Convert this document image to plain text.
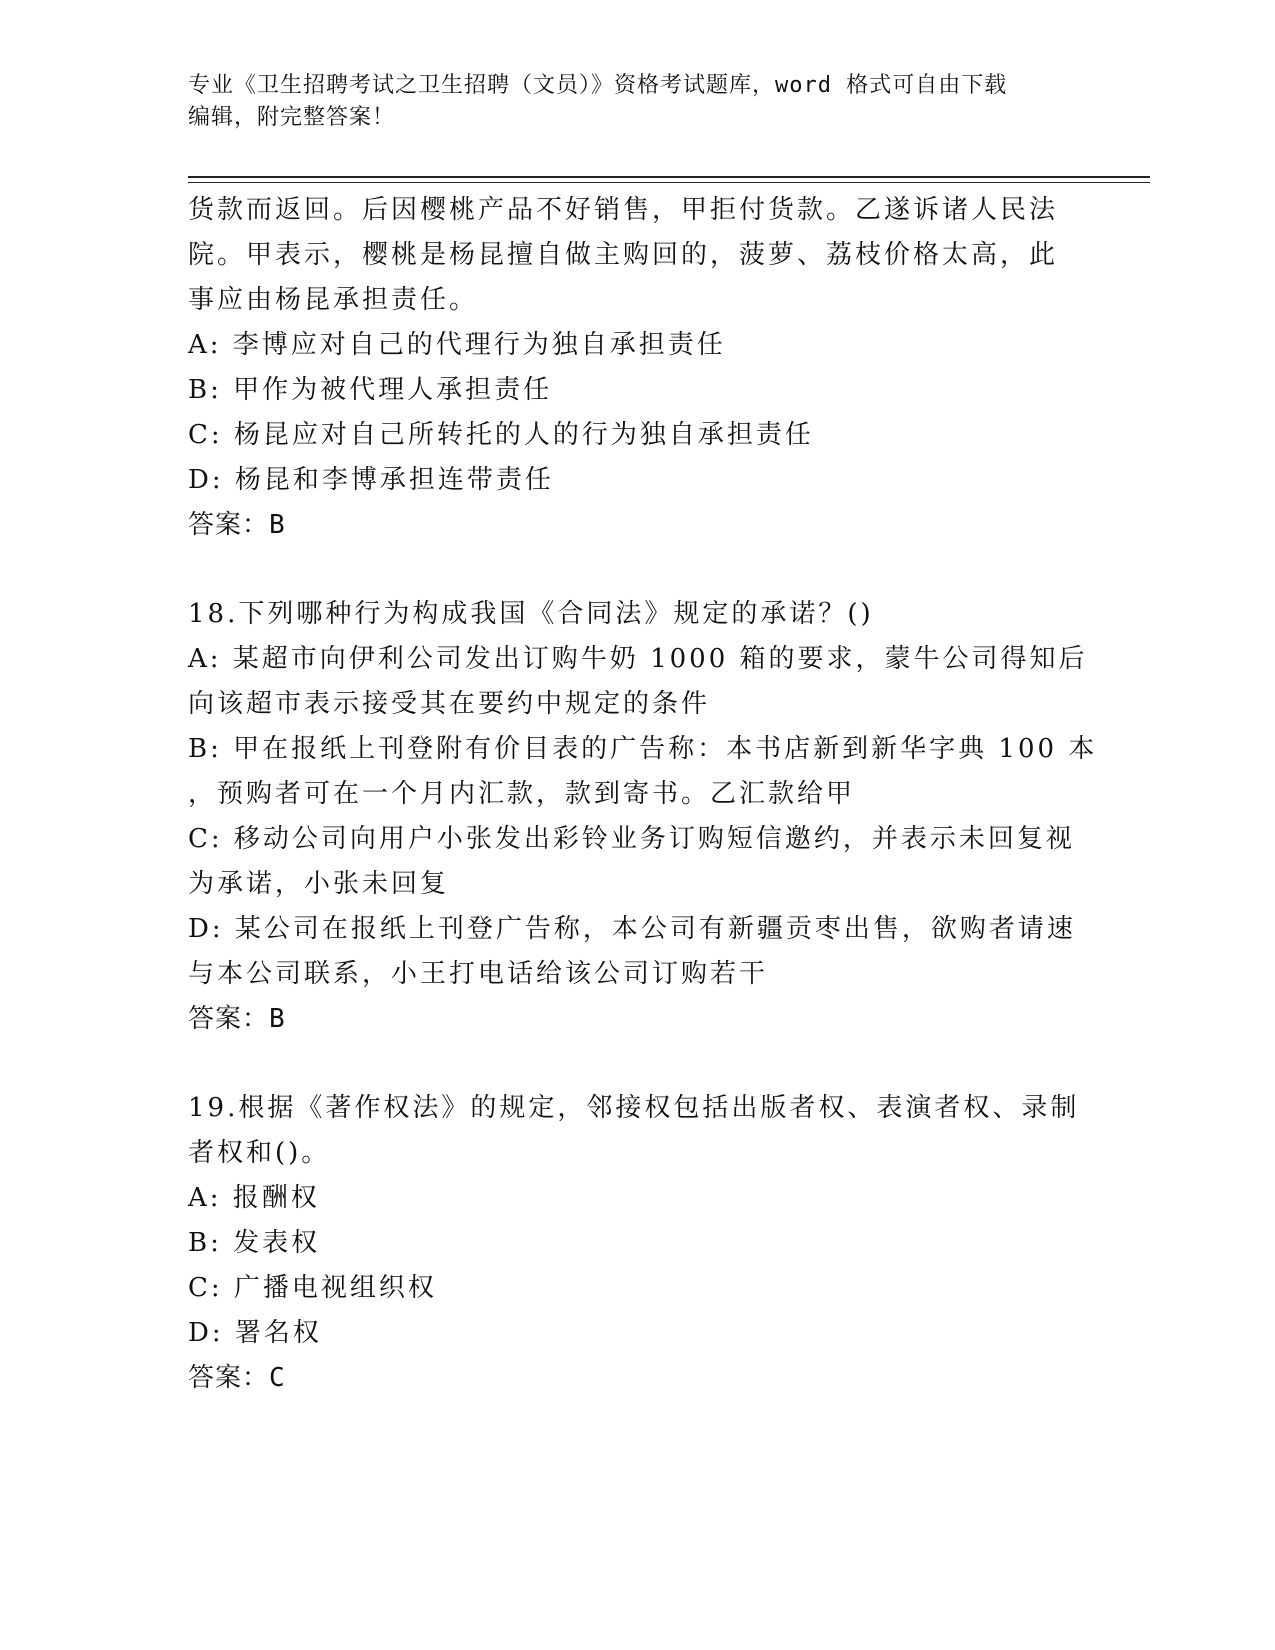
专业《卫生招聘考试之卫生招聘（文员）》资格考试题库，word 格式可自由下载
编辑，附完整答案！
货款而返回。后因樱桃产品不好销售，甲拒付货款。乙遂诉诸人民法
院。甲表示，樱桃是杨昆擅自做主购回的，菠萝、荔枝价格太高，此
事应由杨昆承担责任。
A: 李博应对自己的代理行为独自承担责任
B: 甲作为被代理人承担责任
C: 杨昆应对自己所转托的人的行为独自承担责任
D: 杨昆和李博承担连带责任
答案：B
18.下列哪种行为构成我国《合同法》规定的承诺？()
A: 某超市向伊利公司发出订购牛奶 1000 箱的要求，蒙牛公司得知后
向该超市表示接受其在要约中规定的条件
B: 甲在报纸上刊登附有价目表的广告称：本书店新到新华字典 100 本
，预购者可在一个月内汇款，款到寄书。乙汇款给甲
C: 移动公司向用户小张发出彩铃业务订购短信邀约，并表示未回复视
为承诺，小张未回复
D: 某公司在报纸上刊登广告称，本公司有新疆贡枣出售，欲购者请速
与本公司联系，小王打电话给该公司订购若干
答案：B
19.根据《著作权法》的规定，邻接权包括出版者权、表演者权、录制
者权和()。
A: 报酬权
B: 发表权
C: 广播电视组织权
D: 署名权
答案：C
